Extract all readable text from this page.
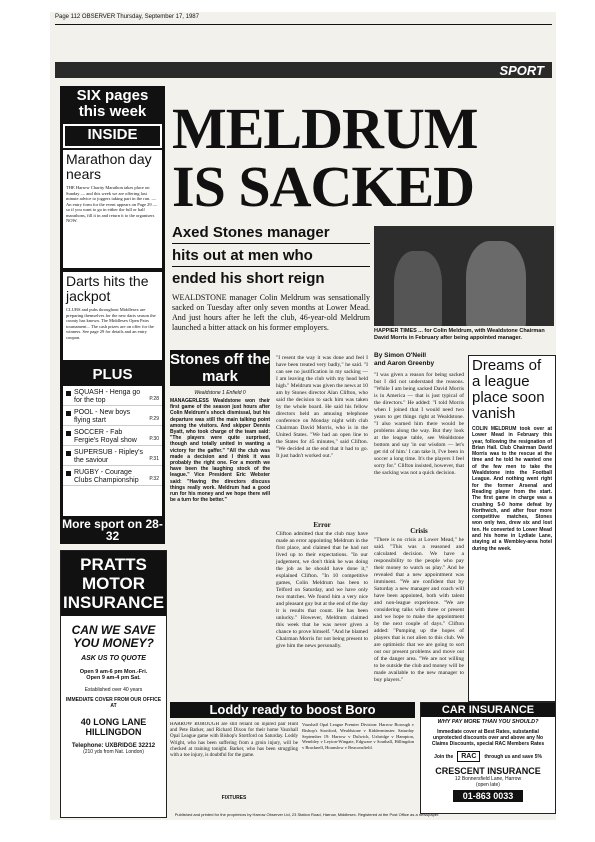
Page 112 OBSERVER Thursday, September 17, 1987
SPORT
SIX pages
this week
INSIDE
Marathon day nears
THE Harrow Charity Marathon takes place on Sunday — and this week we are offering last minute advice to joggers taking part in the run. — An entry form for the event appears on Page 29 — so if you want to go in either the full or half marathons, fill it in and return it to the organisers NOW.
Darts hits the jackpot
CLUBS and pubs throughout Middlesex are preparing themselves for the new darts season the county has known. The Middlesex Open Pairs tournament... The cash prizes are on offer for the winners. See page 29 for details and an entry coupon.
PLUS
SQUASH - Henga go for the top	P.28
POOL - New boys flying start	P.29
SOCCER - Fab Fergie's Royal show	P.30
SUPERSUB - Ripley's the saviour	P.31
RUGBY - Courage Clubs Championship	P.32
More sport on 28-32
PRATTS MOTOR INSURANCE
CAN WE SAVE YOU MONEY?
ASK US TO QUOTE
Open 9 am-6 pm Mon.-Fri.
Open 9 am-4 pm Sat.
Established over 40 years
IMMEDIATE COVER FROM OUR OFFICE AT
40 LONG LANE
HILLINGDON
Telephone: UXBRIDGE 32212
(210 yds from Nat. London)
MELDRUM
IS SACKED
Axed Stones manager
hits out at men who
ended his short reign
WEALDSTONE manager Colin Meldrum was sensationally sacked on Tuesday after only seven months at Lower Mead. And just hours after he left the club, 46-year-old Meldrum launched a bitter attack on his former employers.	HAPPIER TIMES ... for Colin Meldrum, with Wealdstone Chairman David Morris in February after being appointed manager.
Stones off the mark
Wealdstone 1 Enfield 0
MANAGERLESS Wealdstone won their first game of the season just hours after Colin Meldrum's shock dismissal, but his departure was still the main talking point among the visitors. And skipper Dennis Byatt, who took charge of the team said: "The players were quite surprised, though and totally united in wanting a victory for the gaffer." "All the club was made a decision and I think it was probably the right one. For a month we have been the laughing stock of the league." Vice President Eric Webster said: "Having the directors discuss things really work. Meldrum had a good run for his money and we hope there will be a turn for the better."
"I resent the way it was done and feel I have been treated very badly," he said. "I can see no justification in my sacking — I am leaving the club with my head held high." Meldrum was given the news at 10 am by Stones director Alan Clifton, who said the decision to sack him was taken by the whole board. He said his fellow directors held an amusing telephone conference on Monday night with club Chairman David Morris, who is in the United States. "We had an open line to the States for 45 minutes," said Clifton. "We decided at the end that it had to go. It just hadn't worked out."
Error
Clifton admitted that the club may have made an error appointing Meldrum in the first place, and claimed that he had not lived up to their expectations. "In our judgement, we don't think he was doing the job as he should have done it," explained Clifton. "In 10 competitive games, Colin Meldrum has been to Telford on Saturday, and we have only two matches. We found him a very nice and pleasant guy but at the end of the day it is results that count. He has been unlucky." However, Meldrum claimed this week that he was never given a chance to prove himself. "And he blamed Chairman Morris for not being present to give him the news personally.
By Simon O'Neill
and Aaron Greenby
"I was given a reason for being sacked but I did not understand the reasons. "While I am being sacked David Morris is in America — that is just typical of the directors." He added: "I told Morris when I joined that I would need two years to get things right at Wealdstone. "I also warned him there would be problems along the way. But they look at the league table, see Wealdstone bottom and say 'in our wisdom — let's get rid of him.' I can take it, I've been in soccer a long time. It's the players I feel sorry for." Clifton insisted, however, that the sacking was not a quick decision.
Crisis
"There is no crisis at Lower Mead," he said. "This was a reasoned and calculated decision. We have a responsibility to the people who pay their money to watch us play." And he revealed that a new appointment was imminent. "We are confident that by Saturday a new manager and coach will have been appointed, both with talent and non-league experience. "We are considering talks with three or present and we hope to make the appointment by the next couple of days." Clifton added: "Pumping up the hopes of players that is not alien to this club. We are optimistic that we are going to sort out our present problems and move out of the danger area. "We are not willing to be outside the club and money will be made available to the new manager to buy players."
Dreams of a league place soon vanish
COLIN MELDRUM took over at Lower Mead in February this year, following the resignation of Brian Hall. Club Chairman David Morris was to the rescue at the time and he told he wanted one of the few men to take the Wealdstone into the Football League. And nothing went right for the former Arsenal and Reading player from the start. The first game in charge was a crushing 5-0 home defeat by Northwich, and after four more competitive matches, Stones won only two, drew six and lost ten. He converted to Lower Mead and his home in Lydiate Lane, staying at a Wembley-area hotel during the week.
Loddy ready to boost Boro
HARROW BOROUGH are still reliant on injured pair Hunt and Pete Barker, and Richard Dixon for their home Vauxhall Opal League game with Bishop's Stortford on Saturday. Loddy Wright, who has been suffering from a groin injury, will be checked at training tonight. Barker, who has been struggling with a toe injury, is doubtful for the game.
FIXTURES
Vauxhall Opal League Premier Division: Harrow Borough v Bishop's Stortford, Wealdstone v Kidderminster. Saturday September 19: Harrow v Dulwich, Uxbridge v Hampton, Wembley v Leyton-Wingate, Edgware v Southall, Hillingdon v Bracknell, Hounslow v Beaconsfield.
CAR INSURANCE
WHY PAY MORE THAN YOU SHOULD?
Immediate cover at Best Rates, substantial unprotected discounts over and above any No Claims Discounts, special RAC Members Rates
Join the	RAC	through us and save 5%
CRESCENT INSURANCE
12 Bonnersfield Lane, Harrow
(open late)
01-863 0033
Published and printed for the proprietors by Harrow Observer Ltd, 23 Station Road, Harrow, Middlesex. Registered at the Post Office as a newspaper.
